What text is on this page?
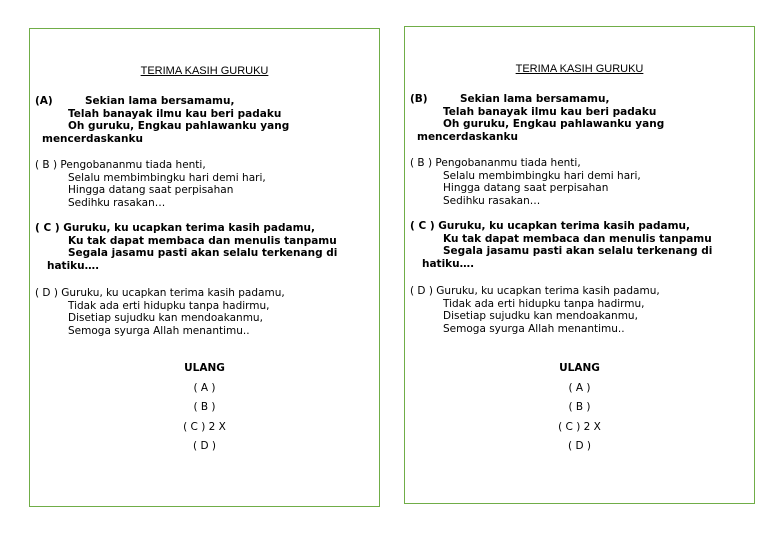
TERIMA KASIH GURUKU
(A)	Sekian lama bersamamu,
Telah banayak ilmu kau beri padaku
Oh guruku, Engkau pahlawanku yang
mencerdaskanku
( B ) Pengobananmu tiada henti,
Selalu membimbingku hari demi hari,
Hingga datang saat perpisahan
Sedihku rasakan…
( C ) Guruku, ku ucapkan terima kasih padamu,
Ku tak dapat membaca dan menulis tanpamu
Segala jasamu pasti akan selalu terkenang di
hatiku….
( D ) Guruku, ku ucapkan terima kasih padamu,
Tidak ada erti hidupku tanpa hadirmu,
Disetiap sujudku kan mendoakanmu,
Semoga syurga Allah menantimu..
ULANG
( A )
( B )
( C ) 2 X
( D )
TERIMA KASIH GURUKU
(B)	Sekian lama bersamamu,
Telah banayak ilmu kau beri padaku
Oh guruku, Engkau pahlawanku yang
mencerdaskanku
( B ) Pengobananmu tiada henti,
Selalu membimbingku hari demi hari,
Hingga datang saat perpisahan
Sedihku rasakan…
( C ) Guruku, ku ucapkan terima kasih padamu,
Ku tak dapat membaca dan menulis tanpamu
Segala jasamu pasti akan selalu terkenang di
hatiku….
( D ) Guruku, ku ucapkan terima kasih padamu,
Tidak ada erti hidupku tanpa hadirmu,
Disetiap sujudku kan mendoakanmu,
Semoga syurga Allah menantimu..
ULANG
( A )
( B )
( C ) 2 X
( D )
